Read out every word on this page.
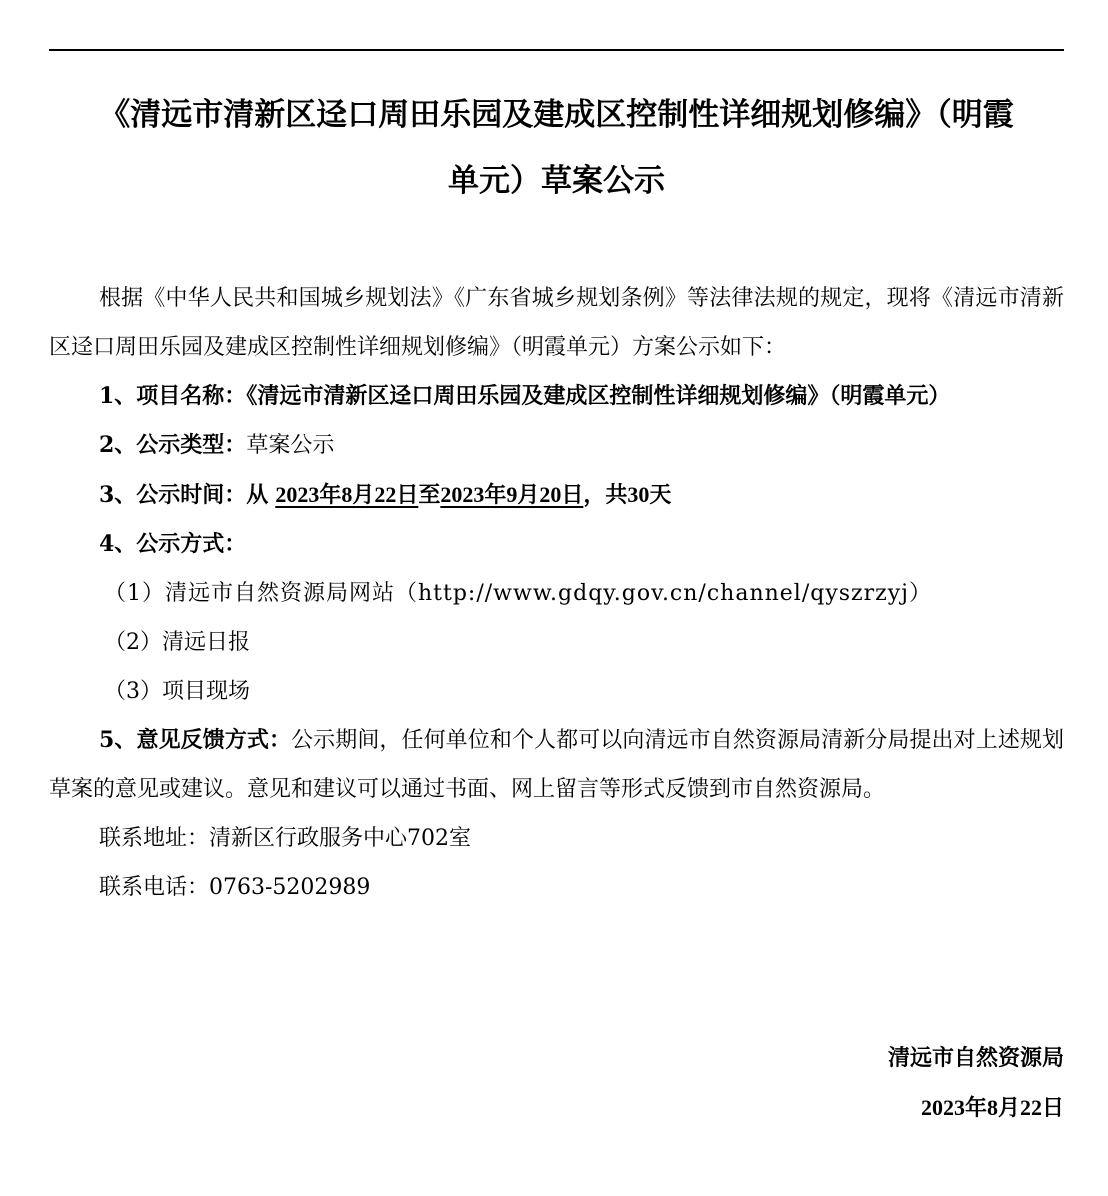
《清远市清新区迳口周田乐园及建成区控制性详细规划修编》（明霞
单元）草案公示

根据《中华人民共和国城乡规划法》《广东省城乡规划条例》等法律法规的规定，现将《清远市清新区迳口周田乐园及建成区控制性详细规划修编》（明霞单元）方案公示如下：

1、项目名称：《清远市清新区迳口周田乐园及建成区控制性详细规划修编》（明霞单元）

2、公示类型：草案公示

3、公示时间：从 2023年8月22日至2023年9月20日，共30天

4、公示方式：

（1）清远市自然资源局网站（http://www.gdqy.gov.cn/channel/qyszrzyj）

（2）清远日报

（3）项目现场

5、意见反馈方式：公示期间，任何单位和个人都可以向清远市自然资源局清新分局提出对上述规划草案的意见或建议。意见和建议可以通过书面、网上留言等形式反馈到市自然资源局。

联系地址：清新区行政服务中心702室

联系电话：0763-5202989

清远市自然资源局

2023年8月22日
